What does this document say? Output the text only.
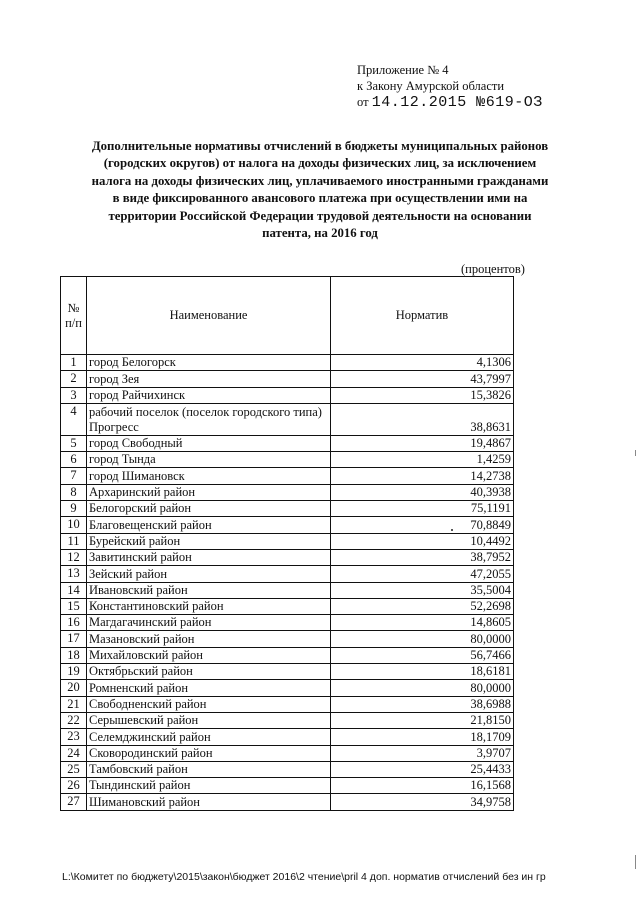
Приложение № 4
к Закону Амурской области
от 14.12.2015 №619-ОЗ
Дополнительные нормативы отчислений в бюджеты муниципальных районов (городских округов) от налога на доходы физических лиц, за исключением налога на доходы физических лиц, уплачиваемого иностранными гражданами в виде фиксированного авансового платежа при осуществлении ими на территории Российской Федерации трудовой деятельности на основании патента, на 2016 год
(процентов)
№ п/п	Наименование	Норматив
1	город Белогорск	4,1306
2	город Зея	43,7997
3	город Райчихинск	15,3826
4	рабочий поселок (поселок городского типа) Прогресс	38,8631
5	город Свободный	19,4867
6	город Тында	1,4259
7	город Шимановск	14,2738
8	Архаринский район	40,3938
9	Белогорский район	75,1191
10	Благовещенский район	70,8849
11	Бурейский район	10,4492
12	Завитинский район	38,7952
13	Зейский район	47,2055
14	Ивановский район	35,5004
15	Константиновский район	52,2698
16	Магдагачинский район	14,8605
17	Мазановский район	80,0000
18	Михайловский район	56,7466
19	Октябрьский район	18,6181
20	Ромненский район	80,0000
21	Свободненский район	38,6988
22	Серышевский район	21,8150
23	Селемджинский район	18,1709
24	Сковородинский район	3,9707
25	Тамбовский район	25,4433
26	Тындинский район	16,1568
27	Шимановский район	34,9758
L:\Комитет по бюджету\2015\закон\бюджет 2016\2 чтение\pril 4 доп. норматив отчислений без ин гр
